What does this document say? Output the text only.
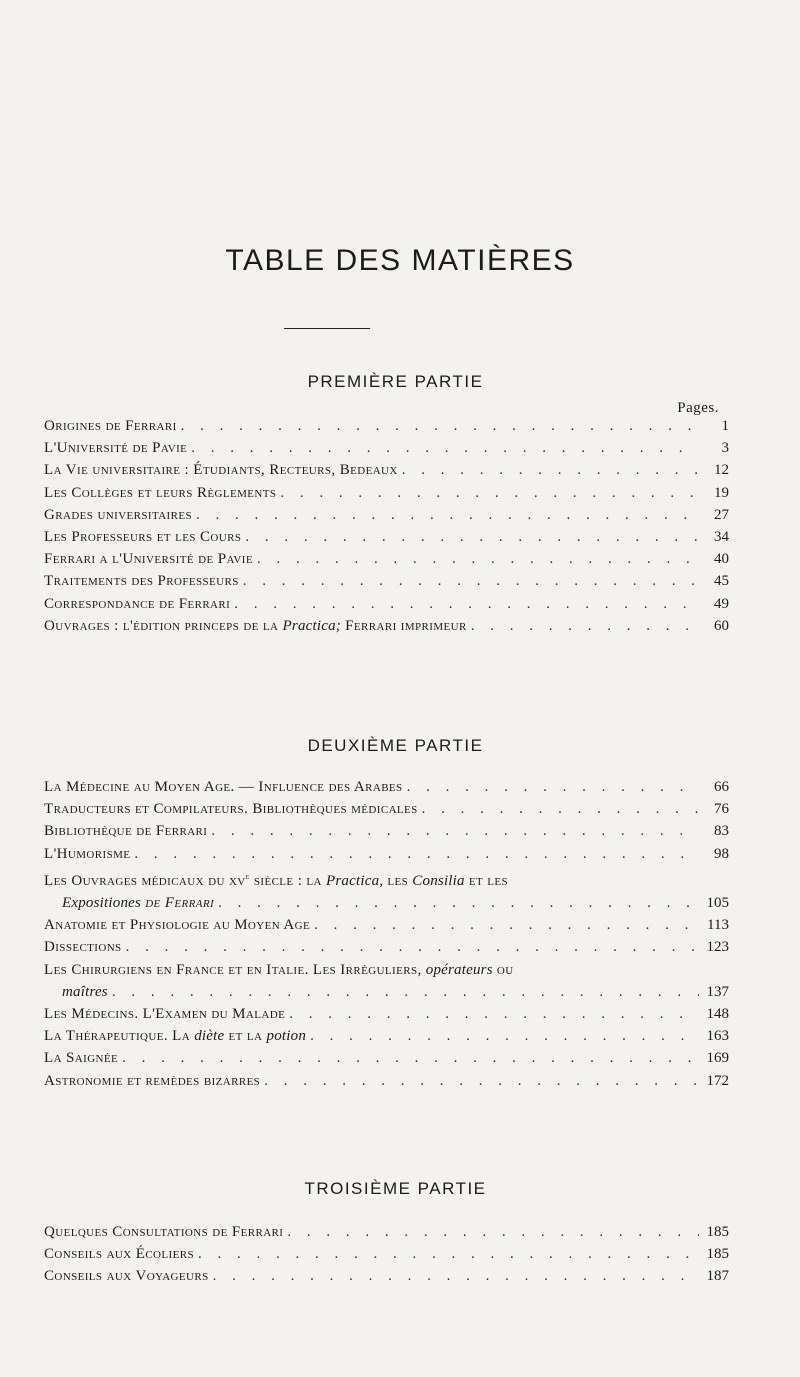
TABLE DES MATIÈRES
PREMIÈRE PARTIE
Pages.
Origines de Ferrari . . .	1
L'Université de Pavie . . .	3
La Vie universitaire : Étudiants, Recteurs, Bedeaux . . .	12
Les Collèges et leurs Règlements . . .	19
Grades universitaires . . .	27
Les Professeurs et les Cours . . .	34
Ferrari a l'Université de Pavie . . .	40
Traitements des Professeurs . . .	45
Correspondance de Ferrari . . .	49
Ouvrages : l'édition princeps de la Practica; Ferrari imprimeur . . .	60
DEUXIÈME PARTIE
La Médecine au Moyen Age. — Influence des Arabes . . .	66
Traducteurs et Compilateurs. Bibliothèques médicales . . .	76
Bibliothèque de Ferrari . . .	83
L'Humorisme . . .	98
Les Ouvrages médicaux du $xv^e$ siècle : la Practica, les Consilia et les
Expositiones de Ferrari . . .	105
Anatomie et Physiologie au Moyen Age . . .	113
Dissections . . .	123
Les Chirurgiens en France et en Italie. Les Irréguliers, opérateurs ou
maîtres . . .	137
Les Médecins. L'Examen du Malade . . .	148
La Thérapeutique. La diète et la potion . . .	163
La Saignée . . .	169
Astronomie et remèdes bizarres . . .	172
TROISIÈME PARTIE
Quelques Consultations de Ferrari . . .	185
Conseils aux Écoliers . . .	185
Conseils aux Voyageurs . . .	187
